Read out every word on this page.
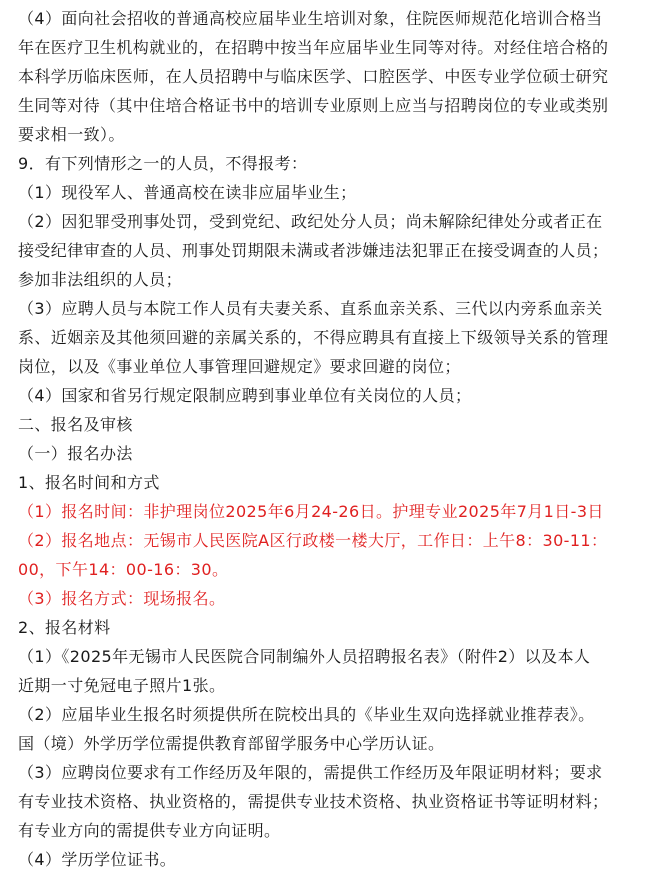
（4）面向社会招收的普通高校应届毕业生培训对象，住院医师规范化培训合格当
年在医疗卫生机构就业的，在招聘中按当年应届毕业生同等对待。对经住培合格的
本科学历临床医师，在人员招聘中与临床医学、口腔医学、中医专业学位硕士研究
生同等对待（其中住培合格证书中的培训专业原则上应当与招聘岗位的专业或类别
要求相一致）。
9．有下列情形之一的人员，不得报考：
（1）现役军人、普通高校在读非应届毕业生；
（2）因犯罪受刑事处罚，受到党纪、政纪处分人员；尚未解除纪律处分或者正在
接受纪律审查的人员、刑事处罚期限未满或者涉嫌违法犯罪正在接受调查的人员；
参加非法组织的人员；
（3）应聘人员与本院工作人员有夫妻关系、直系血亲关系、三代以内旁系血亲关
系、近姻亲及其他须回避的亲属关系的，不得应聘具有直接上下级领导关系的管理
岗位，以及《事业单位人事管理回避规定》要求回避的岗位；
（4）国家和省另行规定限制应聘到事业单位有关岗位的人员；
二、报名及审核
（一）报名办法
1、报名时间和方式
（1）报名时间：非护理岗位2025年6月24-26日。护理专业2025年7月1日-3日
（2）报名地点：无锡市人民医院A区行政楼一楼大厅，工作日：上午8：30-11：
00，下午14：00-16：30。
（3）报名方式：现场报名。
2、报名材料
（1）《2025年无锡市人民医院合同制编外人员招聘报名表》（附件2）以及本人
近期一寸免冠电子照片1张。
（2）应届毕业生报名时须提供所在院校出具的《毕业生双向选择就业推荐表》。
国（境）外学历学位需提供教育部留学服务中心学历认证。
（3）应聘岗位要求有工作经历及年限的，需提供工作经历及年限证明材料；要求
有专业技术资格、执业资格的，需提供专业技术资格、执业资格证书等证明材料；
有专业方向的需提供专业方向证明。
（4）学历学位证书。
